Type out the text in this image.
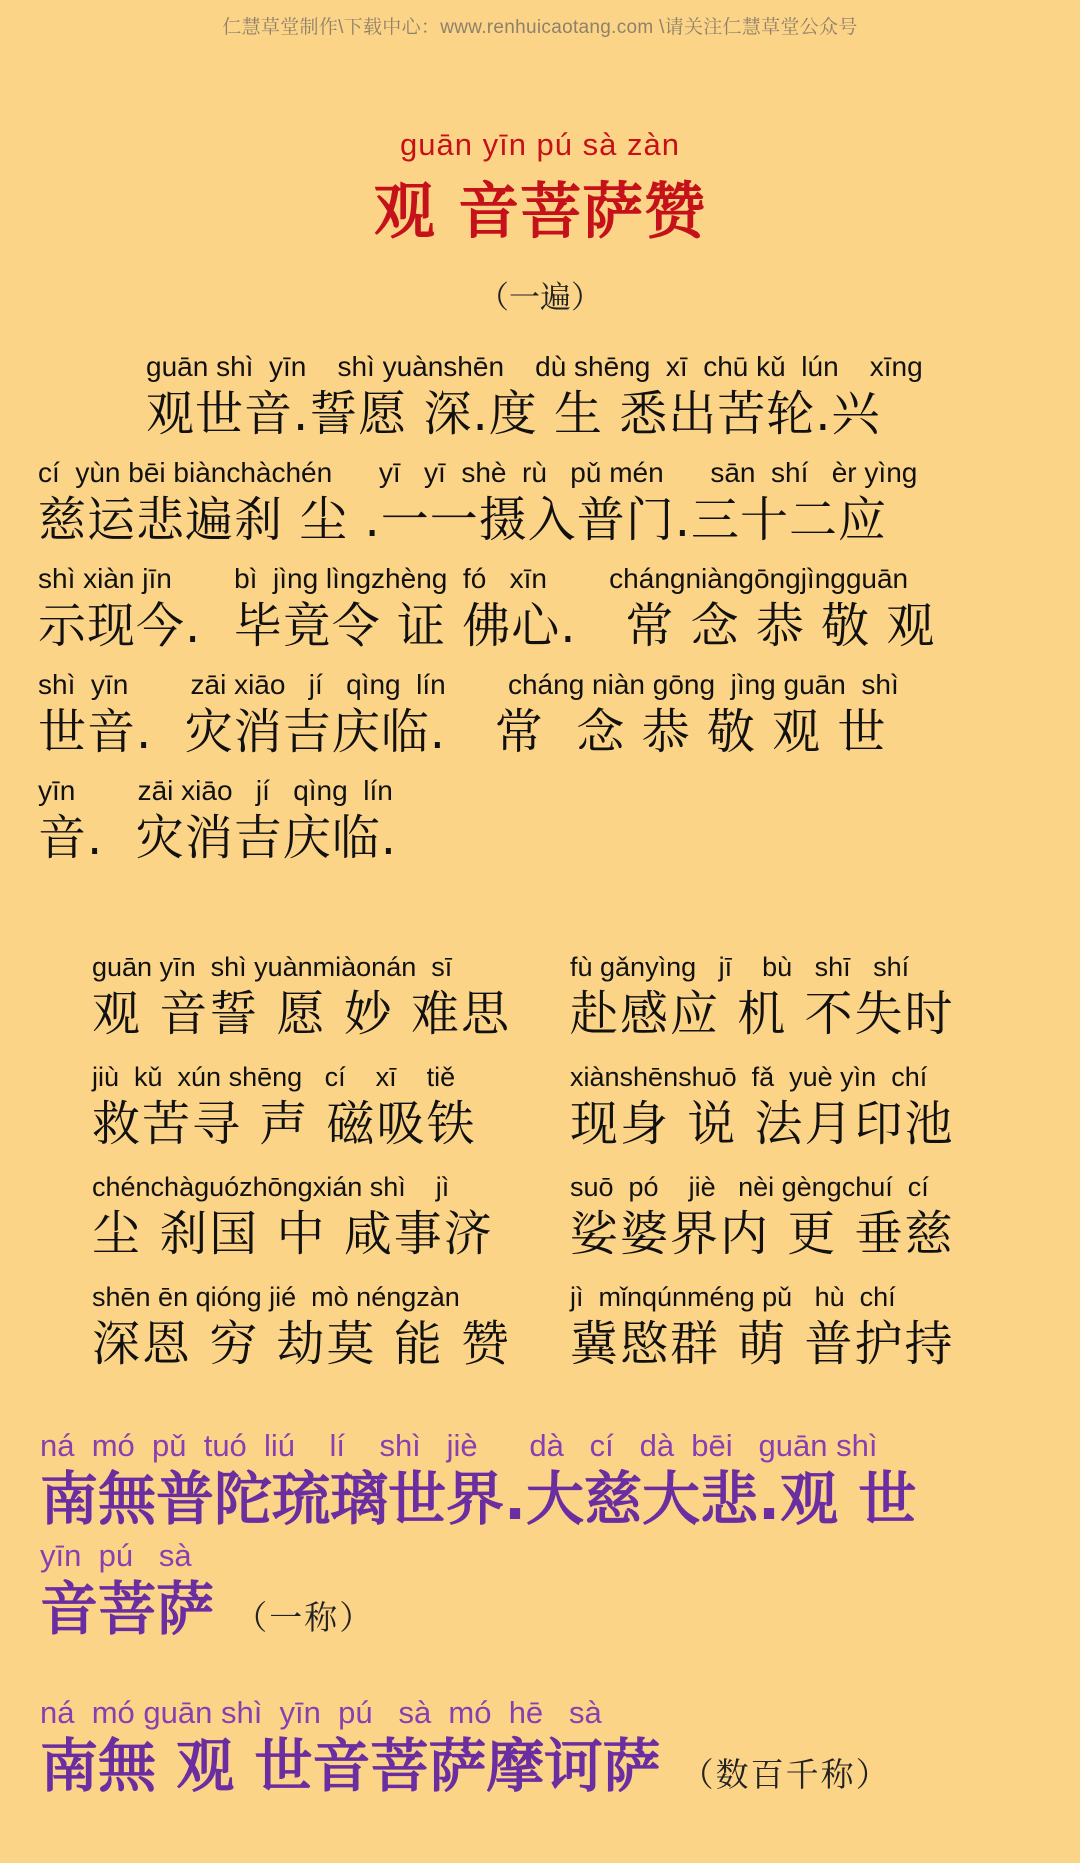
仁慧草堂制作\下载中心：www.renhuicaotang.com \请关注仁慧草堂公众号
guān yīn pú sà zàn
观 音菩萨赞
（一遍）
guān shì  yīn    shì yuànshēn    dù shēng  xī  chū kǔ  lún    xīng
观世音.誓愿 深.度 生 悉出苦轮.兴
cí  yùn bēi biànchàchén      yī   yī  shè  rù   pǔ mén      sān  shí   èr yìng
慈运悲遍刹 尘 .一一摄入普门.三十二应
shì xiàn jīn        bì  jìng lìngzhèng  fó   xīn        chángniàngōngjìngguān
示现今.  毕竟令 证 佛心.   常 念 恭 敬 观
shì  yīn        zāi xiāo   jí   qìng  lín        cháng niàn gōng  jìng guān  shì
世音.  灾消吉庆临.   常  念 恭 敬 观 世
yīn        zāi xiāo   jí   qìng  lín
音.  灾消吉庆临.
guān yīn  shì yuànmiàonán  sī
观 音誓 愿 妙 难思
jiù  kǔ  xún shēng   cí    xī    tiě
救苦寻 声 磁吸铁
chénchàguózhōngxián shì    jì
尘 刹国 中 咸事济
shēn ēn qióng jié  mò néngzàn
深恩 穷 劫莫 能 赞
fù gǎnyìng   jī    bù   shī   shí
赴感应 机 不失时
xiànshēnshuō  fǎ  yuè yìn  chí
现身 说 法月印池
suō  pó    jiè   nèi gèngchuí  cí
娑婆界内 更 垂慈
jì  mǐnqúnméng pǔ   hù  chí
冀愍群 萌 普护持
ná  mó  pǔ  tuó  liú    lí    shì   jiè      dà   cí   dà  bēi   guān shì
南無普陀琉璃世界.大慈大悲.观 世
yīn  pú   sà
音菩萨 （一称）
ná  mó guān shì  yīn  pú   sà  mó  hē   sà
南無 观 世音菩萨摩诃萨 （数百千称）
